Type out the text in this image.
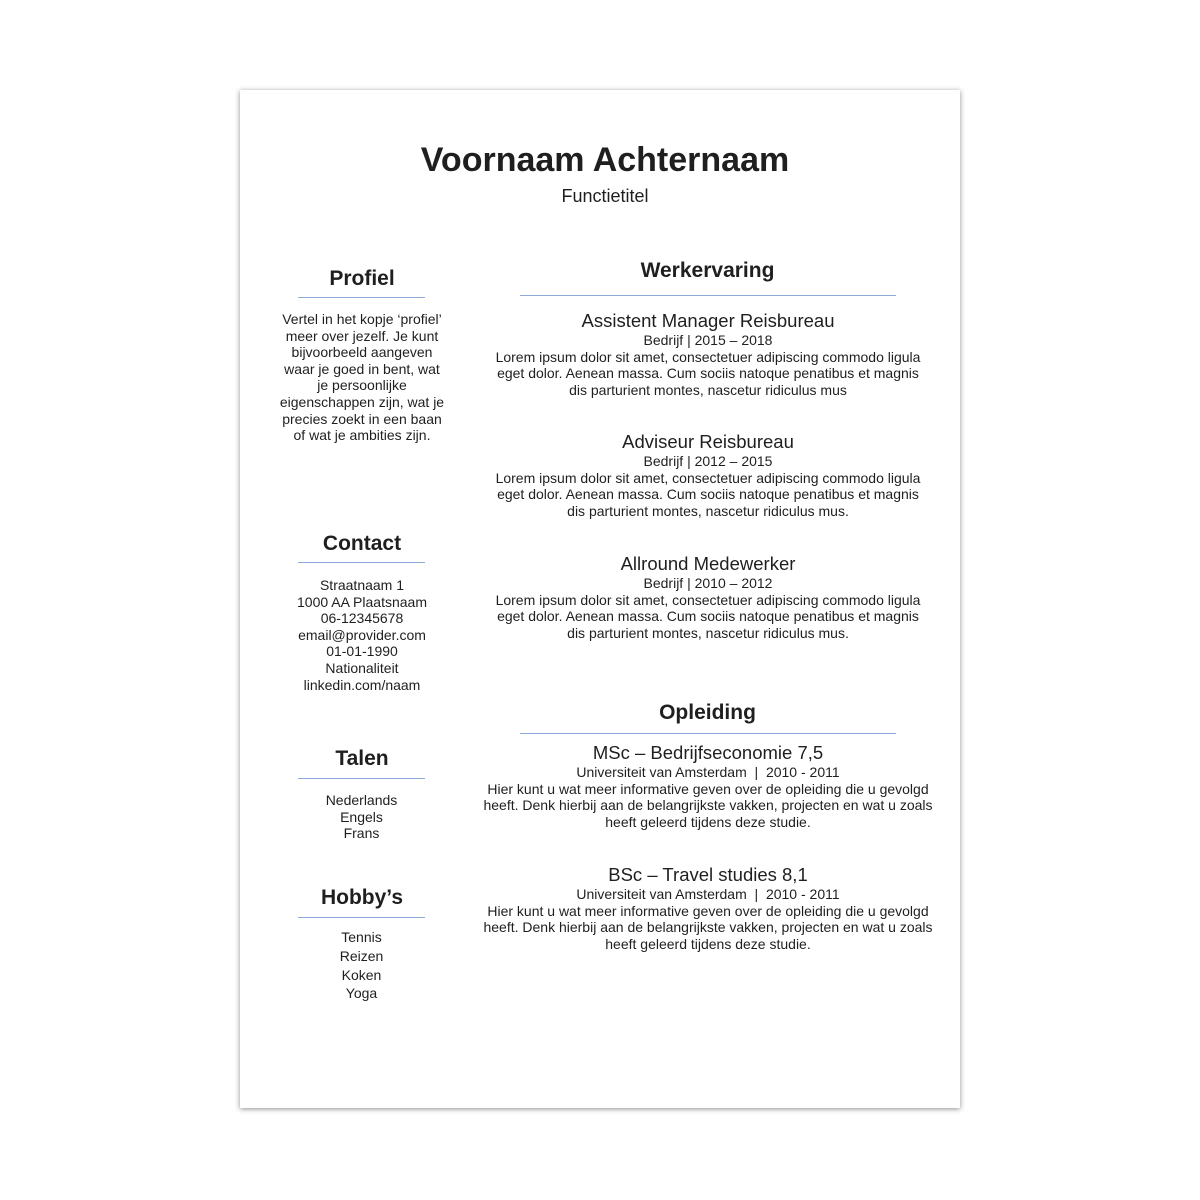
Voornaam Achternaam
Functietitel
Profiel
Vertel in het kopje ‘profiel’ meer over jezelf. Je kunt bijvoorbeeld aangeven waar je goed in bent, wat je persoonlijke eigenschappen zijn, wat je precies zoekt in een baan of wat je ambities zijn.
Contact
Straatnaam 1
1000 AA Plaatsnaam
06-12345678
email@provider.com
01-01-1990
Nationaliteit
linkedin.com/naam
Talen
Nederlands
Engels
Frans
Hobby’s
Tennis
Reizen
Koken
Yoga
Werkervaring
Assistent Manager Reisbureau
Bedrijf | 2015 – 2018
Lorem ipsum dolor sit amet, consectetuer adipiscing commodo ligula eget dolor. Aenean massa. Cum sociis natoque penatibus et magnis dis parturient montes, nascetur ridiculus mus
Adviseur Reisbureau
Bedrijf | 2012 – 2015
Lorem ipsum dolor sit amet, consectetuer adipiscing commodo ligula eget dolor. Aenean massa. Cum sociis natoque penatibus et magnis dis parturient montes, nascetur ridiculus mus.
Allround Medewerker
Bedrijf | 2010 – 2012
Lorem ipsum dolor sit amet, consectetuer adipiscing commodo ligula eget dolor. Aenean massa. Cum sociis natoque penatibus et magnis dis parturient montes, nascetur ridiculus mus.
Opleiding
MSc – Bedrijfseconomie 7,5
Universiteit van Amsterdam  |  2010 - 2011
Hier kunt u wat meer informative geven over de opleiding die u gevolgd heeft. Denk hierbij aan de belangrijkste vakken, projecten en wat u zoals heeft geleerd tijdens deze studie.
BSc – Travel studies 8,1
Universiteit van Amsterdam  |  2010 - 2011
Hier kunt u wat meer informative geven over de opleiding die u gevolgd heeft. Denk hierbij aan de belangrijkste vakken, projecten en wat u zoals heeft geleerd tijdens deze studie.
